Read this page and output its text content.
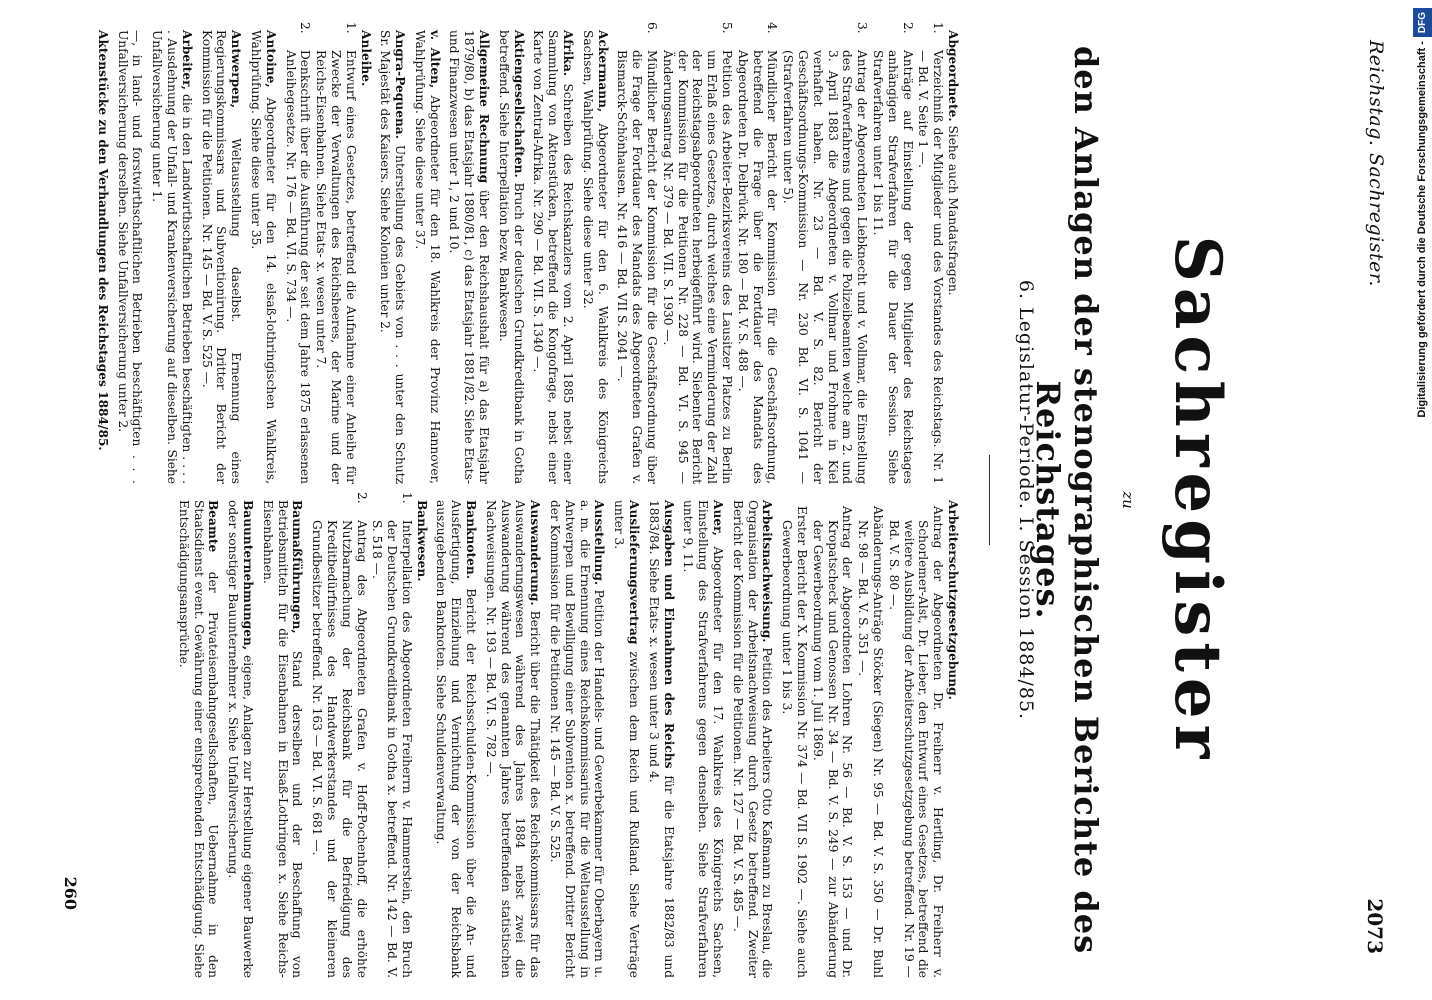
Reichstag. Sachregister.
2073
Sachregister
zu
den Anlagen der stenographischen Berichte des Reichstages.
6. Legislatur-Periode. I. Session 1884/85.
Abgeordnete. Siehe auch Mandatsfragen.
1.Verzeichniß der Mitglieder und des Vorstandes des Reichstags. Nr. 1 — Bd. V. Seite 1 —.
2.Anträge auf Einstellung der gegen Mitglieder des Reichstages anhängigen Strafverfahren für die Dauer der Session. Siehe Strafverfahren unter 1 bis 11.
3.Antrag der Abgeordneten Liebknecht und v. Vollmar, die Einstellung des Strafverfahrens und gegen die Polizeibeamten welche am 2. und 3. April 1883 die Abgeordneten v. Vollmar und Frohme in Kiel verhaftet haben. Nr. 23 — Bd. V. S. 82. Bericht der Geschäftsordnungs-Kommission — Nr. 230 Bd. VI. S. 1041 — (Strafverfahren unter 5).
4.Mündlicher Bericht der Kommission für die Geschäftsordnung, betreffend die Frage über die Fortdauer des Mandats des Abgeordneten Dr. Delbrück. Nr. 180 — Bd. V. S. 488 —.
5.Petition des Arbeiter-Bezirksvereins des Lausitzer Platzes zu Berlin um Erlaß eines Gesetzes, durch welches eine Verminderung der Zahl der Reichstagsabgeordneten herbeigeführt wird. Siebenter Bericht der Kommission für die Petitionen Nr. 228 — Bd. VI. S. 945 — Änderungsantrag Nr. 379 — Bd. VII. S. 1930 —.
6.Mündlicher Bericht der Kommission für die Geschäftsordnung über die Frage der Fortdauer des Mandats des Abgeordneten Grafen v. Bismarck-Schönhausen. Nr. 416 — Bd. VII S. 2041 —.
Ackermann, Abgeordneter für den 6. Wahlkreis des Königreichs Sachsen, Wahlprüfung. Siehe diese unter 32.
Afrika. Schreiben des Reichskanzlers vom 2. April 1885 nebst einer Sammlung von Aktenstücken, betreffend die Kongofrage, nebst einer Karte von Zentral-Afrika. Nr. 290 — Bd. VII. S. 1340 —.
Aktiengesellschaften. Bruch der deutschen Grundkreditbank in Gotha betreffend. Siehe Interpellation bezw. Bankwesen.
Allgemeine Rechnung über den Reichshaushalt für a) das Etatsjahr 1879/80, b) das Etatsjahr 1880/81, c) das Etatsjahr 1881/82. Siehe Etats- und Finanzwesen unter 1, 2 und 10.
v. Alten, Abgeordneter für den 18. Wahlkreis der Provinz Hannover, Wahlprüfung. Siehe diese unter 37.
Angra-Pequena. Unterstellung des Gebiets von . . . unter den Schutz Sr. Majestät des Kaisers. Siehe Kolonien unter 2.
Anleihe.
1.Entwurf eines Gesetzes, betreffend die Aufnahme einer Anleihe für Zwecke der Verwaltungen des Reichsheeres, der Marine und der Reichs-Eisenbahnen. Siehe Etats- x. wesen unter 7.
2.Denkschrift über die Ausführung der seit dem Jahre 1875 erlassenen Anleihegesetze. Nr. 176 — Bd. VI. S. 734 —.
Antoine, Abgeordneter für den 14. elsaß-lothringischen Wahlkreis, Wahlprüfung. Siehe diese unter 35.
Antwerpen, Weltausstellung daselbst. Ernennung eines Regierungskommissars und Subventionirung. Dritter Bericht der Kommission für die Petitionen. Nr. 145 — Bd. V. S. 525 —.
Arbeiter, die in den Landwirthschaftlichen Betrieben beschäftigten . . . . . Ausdehnung der Unfall- und Krankenversicherung auf dieselben. Siehe Unfallversicherung unter 1.
—, in land- und forstwirthschaftlichen Betrieben beschäftigten . . . Unfallversicherung derselben. Siehe Unfallversicherung unter 2.
Aktenstücke zu den Verhandlungen des Reichstages 1884/85.
Arbeiterschutzgesetzgebung.
Antrag der Abgeordneten Dr. Freiherr v. Hertling, Dr. Freiherr v. Schorlemer-Alst, Dr. Lieber, den Entwurf eines Gesetzes, betreffend die weitere Ausbildung der Arbeiterschutzgesetzgebung betreffend. Nr. 19 — Bd. V. S. 80 —.
Abänderungs-Anträge Stöcker (Siegen) Nr. 95 — Bd. V. S. 350 — Dr. Buhl Nr. 98 — Bd. V. S. 351 —.
Antrag der Abgeordneten Lohren Nr. 56 — Bd. V. S. 153 — und Dr. Kropatscheck und Genossen Nr. 34 — Bd. V. S. 249 — zur Abänderung der Gewerbeordnung vom 1. Juli 1869.
Erster Bericht der X. Kommission Nr. 374 — Bd. VII S. 1902 —. Siehe auch Gewerbeordnung unter 1 bis 3.
Arbeitsnachweisung. Petition des Arbeiters Otto Kaßmann zu Breslau, die Organisation der Arbeitsnachweisung durch Gesetz betreffend. Zweiter Bericht der Kommission für die Petitionen. Nr. 127 — Bd. V. S. 485 —.
Auer, Abgeordneter für den 17. Wahlkreis des Königreichs Sachsen, Einstellung des Strafverfahrens gegen denselben. Siehe Strafverfahren unter 9, 11.
Ausgaben und Einnahmen des Reichs für die Etatsjahre 1882/83 und 1883/84. Siehe Etats- x. wesen unter 3 und 4.
Auslieferungsvertrag zwischen dem Reich und Rußland. Siehe Verträge unter 3.
Ausstellung. Petition der Handels- und Gewerbekammer für Oberbayern u. a. m. die Ernennung eines Reichskommissarius für die Weltausstellung in Antwerpen und Bewilligung einer Subvention x. betreffend. Dritter Bericht der Kommission für die Petitionen Nr. 145 — Bd. V. S. 525.
Auswanderung. Bericht über die Thätigkeit des Reichskommissars für das Auswanderungswesen während des Jahres 1884 nebst zwei die Auswanderung während des genannten Jahres betreffenden statistischen Nachweisungen. Nr. 193 — Bd. VI. S. 782 —.
Banknoten. Bericht der Reichsschulden-Kommission über die An- und Ausfertigung, Einziehung und Vernichtung der von der Reichsbank auszugebenden Banknoten. Siehe Schuldenverwaltung.
Bankwesen.
1.Interpellation des Abgeordneten Freiherrn v. Hammerstein, den Bruch der Deutschen Grundkreditbank in Gotha x. betreffend. Nr. 142 — Bd. V. S. 518 —.
2.Antrag des Abgeordneten Grafen v. Hoff-Pochenhoff, die erhöhte Nutzbarmachung der Reichsbank für die Befriedigung des Kreditbedürfnisses des Handwerkerstandes und der kleineren Grundbesitzer betreffend. Nr. 163 — Bd. VI. S. 681 —.
Baumaßführungen, Stand derselben und der Beschaffung von Betriebsmitteln für die Eisenbahnen in Elsaß-Lothringen x. Siehe Reichs-Eisenbahnen.
Bauunternehmungen, eigene, Anlagen zur Herstellung eigener Bauwerke oder sonstiger Bauunternehmer x. Siehe Unfallversicherung.
Beamte der Privateisenbahngesellschaften, Uebernahme in den Staatsdienst event. Gewährung einer entsprechenden Entschädigung. Siehe Entschädigungsansprüche.
260
Digitalisierung gefördert durch die Deutsche Forschungsgemeinschaft -DFG
